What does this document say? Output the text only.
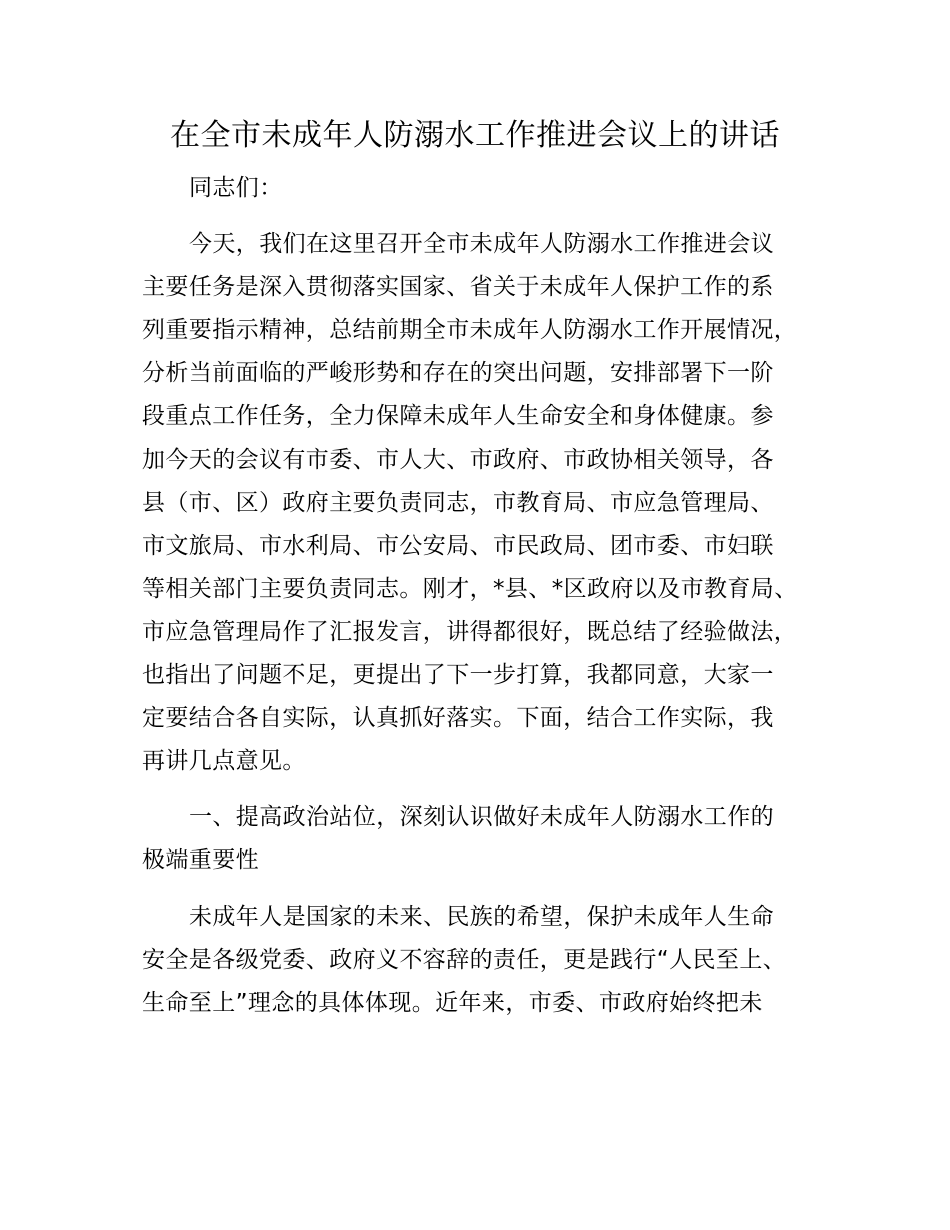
在全市未成年人防溺水工作推进会议上的讲话
同志们：
今天，我们在这里召开全市未成年人防溺水工作推进会议
主要任务是深入贯彻落实国家、省关于未成年人保护工作的系
列重要指示精神，总结前期全市未成年人防溺水工作开展情况，
分析当前面临的严峻形势和存在的突出问题，安排部署下一阶
段重点工作任务，全力保障未成年人生命安全和身体健康。参
加今天的会议有市委、市人大、市政府、市政协相关领导，各
县（市、区）政府主要负责同志，市教育局、市应急管理局、
市文旅局、市水利局、市公安局、市民政局、团市委、市妇联
等相关部门主要负责同志。刚才，*县、*区政府以及市教育局、
市应急管理局作了汇报发言，讲得都很好，既总结了经验做法，
也指出了问题不足，更提出了下一步打算，我都同意，大家一
定要结合各自实际，认真抓好落实。下面，结合工作实际，我
再讲几点意见。
一、提高政治站位，深刻认识做好未成年人防溺水工作的
极端重要性
未成年人是国家的未来、民族的希望，保护未成年人生命
安全是各级党委、政府义不容辞的责任，更是践行“人民至上、
生命至上”理念的具体体现。近年来，市委、市政府始终把未
